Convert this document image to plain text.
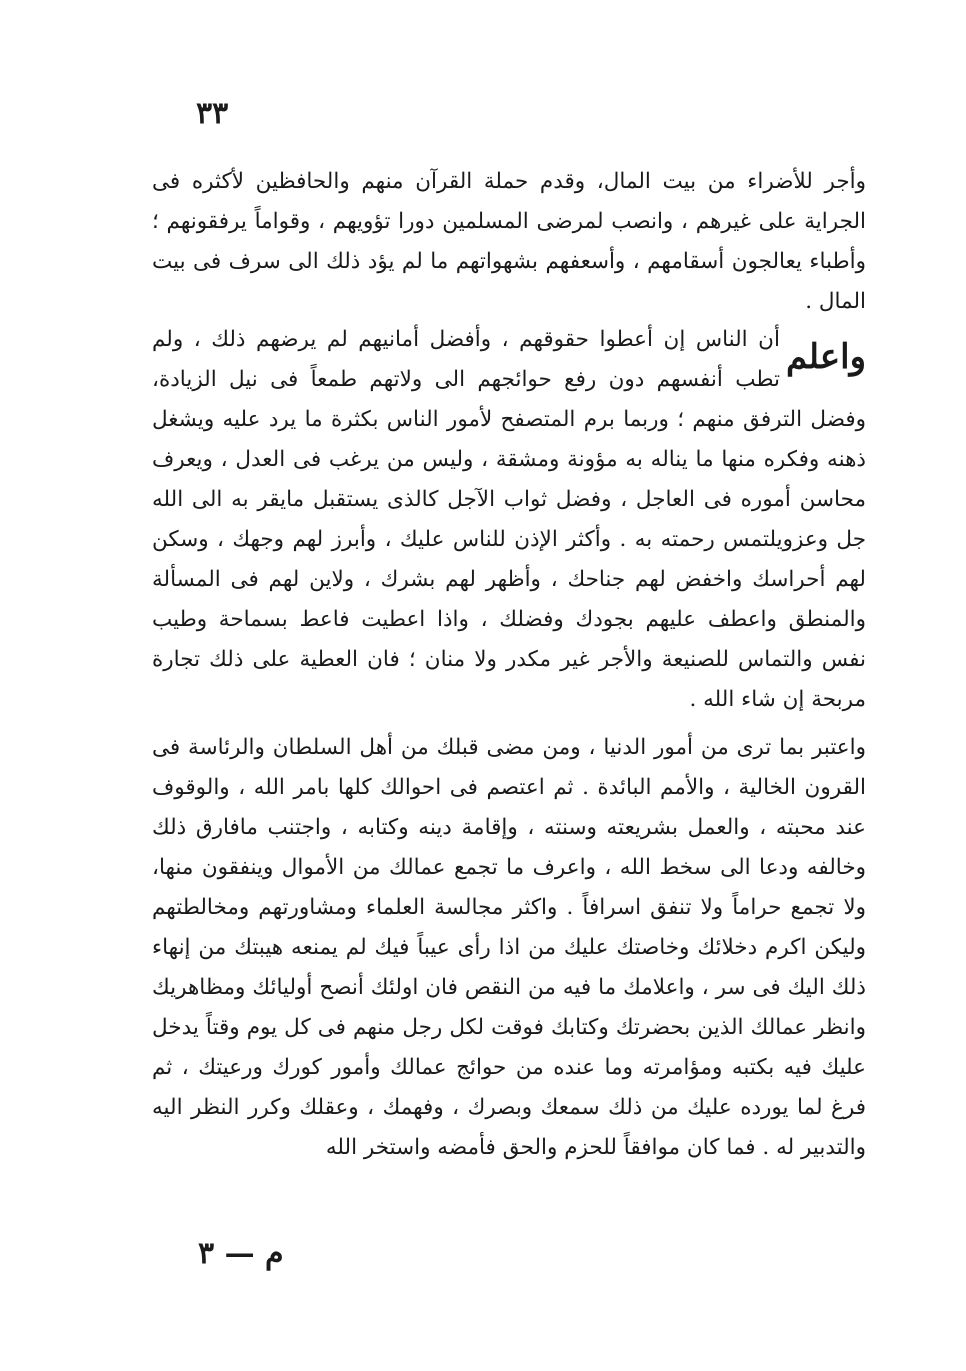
٣٣
وأجر للأضراء من بيت المال، وقدم حملة القرآن منهم والحافظين لأكثره فى الجراية على غيرهم ، وانصب لمرضى المسلمين دورا تؤويهم ، وقواماً يرفقونهم ؛ وأطباء يعالجون أسقامهم ، وأسعفهم بشهواتهم ما لم يؤد ذلك الى سرف فى بيت المال .
واعلم
أن الناس إن أعطوا حقوقهم ، وأفضل أمانيهم لم يرضهم ذلك ، ولم تطب أنفسهم دون رفع حوائجهم الى ولاتهم طمعاً فى نيل الزيادة، وفضل الترفق منهم ؛ وربما برم المتصفح لأمور الناس بكثرة ما يرد عليه ويشغل ذهنه وفكره منها ما يناله به مؤونة ومشقة ، وليس من يرغب فى العدل ، ويعرف محاسن أموره فى العاجل ، وفضل ثواب الآجل كالذى يستقبل مايقر به الى الله جل وعزويلتمس رحمته به . وأكثر الإذن للناس عليك ، وأبرز لهم وجهك ، وسكن لهم أحراسك واخفض لهم جناحك ، وأظهر لهم بشرك ، ولاين لهم فى المسألة والمنطق واعطف عليهم بجودك وفضلك ، واذا اعطيت فاعط بسماحة وطيب نفس والتماس للصنيعة والأجر غير مكدر ولا منان ؛ فان العطية على ذلك تجارة مربحة إن شاء الله .
واعتبر بما ترى من أمور الدنيا ، ومن مضى قبلك من أهل السلطان والرئاسة فى القرون الخالية ، والأمم البائدة . ثم اعتصم فى احوالك كلها بامر الله ، والوقوف عند محبته ، والعمل بشريعته وسنته ، وإقامة دينه وكتابه ، واجتنب مافارق ذلك وخالفه ودعا الى سخط الله ، واعرف ما تجمع عمالك من الأموال وينفقون منها، ولا تجمع حراماً ولا تنفق اسرافاً . واكثر مجالسة العلماء ومشاورتهم ومخالطتهم وليكن اكرم دخلائك وخاصتك عليك من اذا رأى عيباً فيك لم يمنعه هيبتك من إنهاء ذلك اليك فى سر ، واعلامك ما فيه من النقص فان اولئك أنصح أوليائك ومظاهريك وانظر عمالك الذين بحضرتك وكتابك فوقت لكل رجل منهم فى كل يوم وقتاً يدخل عليك فيه بكتبه ومؤامرته وما عنده من حوائج عمالك وأمور كورك ورعيتك ، ثم فرغ لما يورده عليك من ذلك سمعك وبصرك ، وفهمك ، وعقلك وكرر النظر اليه والتدبير له . فما كان موافقاً للحزم والحق فأمضه واستخر الله
م — ٣
